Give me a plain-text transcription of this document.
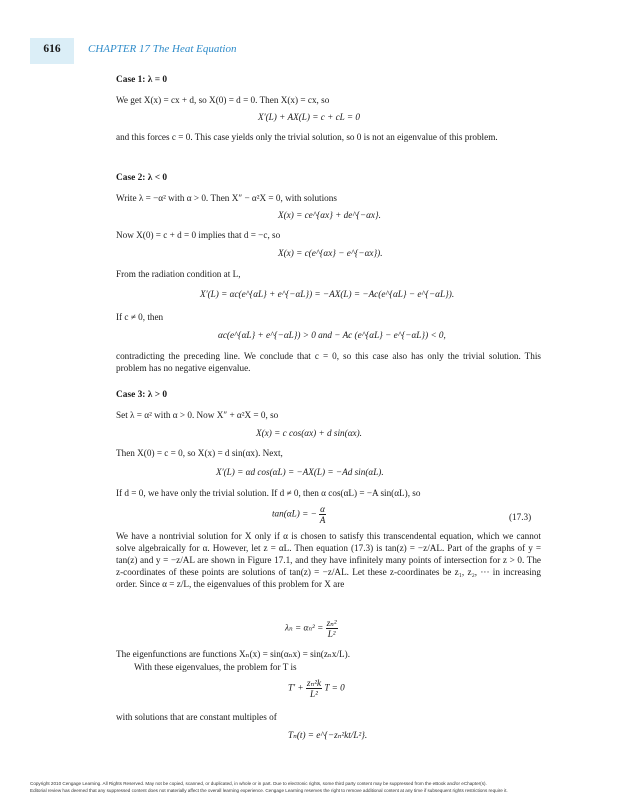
616	CHAPTER 17 The Heat Equation
Case 1: λ = 0
We get X(x) = cx + d, so X(0) = d = 0. Then X(x) = cx, so
X′(L) + AX(L) = c + cL = 0
and this forces c = 0. This case yields only the trivial solution, so 0 is not an eigenvalue of this problem.
Case 2: λ < 0
Write λ = −α² with α > 0. Then X″ − α²X = 0, with solutions
X(x) = ce^{αx} + de^{−αx}.
Now X(0) = c + d = 0 implies that d = −c, so
X(x) = c(e^{αx} − e^{−αx}).
From the radiation condition at L,
X′(L) = αc(e^{αL} + e^{−αL}) = −AX(L) = −Ac(e^{αL} − e^{−αL}).
If c ≠ 0, then
αc(e^{αL} + e^{−αL}) > 0 and − Ac (e^{αL} − e^{−αL}) < 0,
contradicting the preceding line. We conclude that c = 0, so this case also has only the trivial solution. This problem has no negative eigenvalue.
Case 3: λ > 0
Set λ = α² with α > 0. Now X″ + α²X = 0, so
X(x) = c cos(αx) + d sin(αx).
Then X(0) = c = 0, so X(x) = d sin(αx). Next,
X′(L) = αd cos(αL) = −AX(L) = −Ad sin(αL).
If d = 0, we have only the trivial solution. If d ≠ 0, then α cos(αL) = −A sin(αL), so
tan(αL) = − $\frac{\alpha}{A}$	(17.3)
We have a nontrivial solution for X only if α is chosen to satisfy this transcendental equation, which we cannot solve algebraically for α. However, let z = αL. Then equation (17.3) is tan(z) = −z/AL. Part of the graphs of y = tan(z) and y = −z/AL are shown in Figure 17.1, and they have infinitely many points of intersection for z > 0. The z-coordinates of these points are solutions of tan(z) = −z/AL. Let these z-coordinates be z₁, z₂, ··· in increasing order. Since α = z/L, the eigenvalues of this problem for X are
$\lambda_n = \alpha_n^2 = \frac{\text{zₙ²}}{\text{L²}}$
The eigenfunctions are functions Xₙ(x) = sin(αₙx) = sin(zₙx/L).
With these eigenvalues, the problem for T is
$T' + \frac{\text{zₙ²k}}{\text{L²}}$ T = 0
with solutions that are constant multiples of
Tₙ(t) = e^{−zₙ²kt/L²}.
Copyright 2010 Cengage Learning. All Rights Reserved. May not be copied, scanned, or duplicated, in whole or in part. Due to electronic rights, some third party content may be suppressed from the eBook and/or eChapter(s).
Editorial review has deemed that any suppressed content does not materially affect the overall learning experience. Cengage Learning reserves the right to remove additional content at any time if subsequent rights restrictions require it.
